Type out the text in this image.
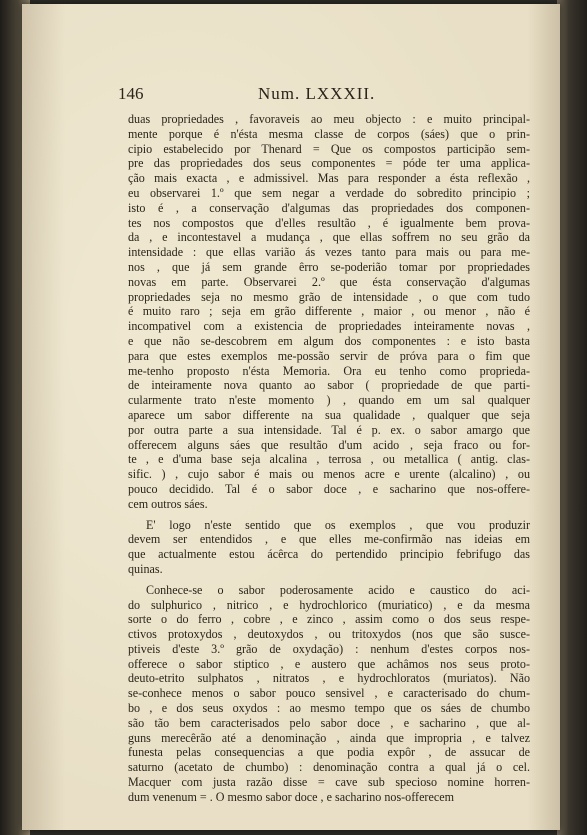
146	Num. LXXXII.
duas propriedades , favoraveis ao meu objecto : e muito principal-
mente porque é n'ésta mesma classe de corpos (sáes) que o prin-
cipio estabelecido por Thenard = Que os compostos participão sem-
pre das propriedades dos seus componentes = póde ter uma applica-
ção mais exacta , e admissivel. Mas para responder a ésta reflexão ,
eu observarei 1.º que sem negar a verdade do sobredito principio ;
isto é , a conservação d'algumas das propriedades dos componen-
tes nos compostos que d'elles resultão , é igualmente bem prova-
da , e incontestavel a mudança , que ellas soffrem no seu grão da
intensidade : que ellas varião ás vezes tanto para mais ou para me-
nos , que já sem grande êrro se-poderião tomar por propriedades
novas em parte. Observarei 2.º que ésta conservação d'algumas
propriedades seja no mesmo grão de intensidade , o que com tudo
é muito raro ; seja em grão differente , maior , ou menor , não é
incompativel com a existencia de propriedades inteiramente novas ,
e que não se-descobrem em algum dos componentes : e isto basta
para que estes exemplos me-possão servir de próva para o fim que
me-tenho proposto n'ésta Memoria. Ora eu tenho como proprieda-
de inteiramente nova quanto ao sabor ( propriedade de que parti-
cularmente trato n'este momento ) , quando em um sal qualquer
aparece um sabor differente na sua qualidade , qualquer que seja
por outra parte a sua intensidade. Tal é p. ex. o sabor amargo que
offerecem alguns sáes que resultão d'um acido , seja fraco ou for-
te , e d'uma base seja alcalina , terrosa , ou metallica ( antig. clas-
sific. ) , cujo sabor é mais ou menos acre e urente (alcalino) , ou
pouco decidido. Tal é o sabor doce , e sacharino que nos-offere-
cem outros sáes.
E' logo n'este sentido que os exemplos , que vou produzir
devem ser entendidos , e que elles me-confirmão nas ideias em
que actualmente estou ácêrca do pertendido principio febrifugo das
quinas.
Conhece-se o sabor poderosamente acido e caustico do aci-
do sulphurico , nitrico , e hydrochlorico (muriatico) , e da mesma
sorte o do ferro , cobre , e zinco , assim como o dos seus respe-
ctivos protoxydos , deutoxydos , ou tritoxydos (nos que são susce-
ptiveis d'este 3.º grão de oxydação) : nenhum d'estes corpos nos-
offerece o sabor stiptico , e austero que achâmos nos seus proto-
deuto-etrito sulphatos , nitratos , e hydrochloratos (muriatos). Não
se-conhece menos o sabor pouco sensivel , e caracterisado do chum-
bo , e dos seus oxydos : ao mesmo tempo que os sáes de chumbo
são tão bem caracterisados pelo sabor doce , e sacharino , que al-
guns merecêrão até a denominação , ainda que impropria , e talvez
funesta pelas consequencias a que podia expôr , de assucar de
saturno (acetato de chumbo) : denominação contra a qual já o cel.
Macquer com justa razão disse = cave sub specioso nomine horren-
dum venenum = . O mesmo sabor doce , e sacharino nos-offerecem
